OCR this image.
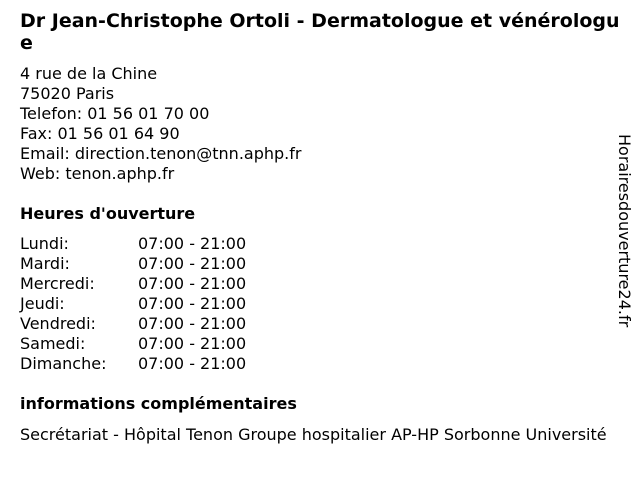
Dr Jean-Christophe Ortoli - Dermatologue et vénérologue
4 rue de la Chine
75020 Paris
Telefon: 01 56 01 70 00
Fax: 01 56 01 64 90
Email: direction.tenon@tnn.aphp.fr
Web: tenon.aphp.fr
Heures d'ouverture
Lundi:	07:00 - 21:00
Mardi:	07:00 - 21:00
Mercredi:	07:00 - 21:00
Jeudi:	07:00 - 21:00
Vendredi:	07:00 - 21:00
Samedi:	07:00 - 21:00
Dimanche:	07:00 - 21:00
informations complémentaires
Secrétariat - Hôpital Tenon Groupe hospitalier AP-HP Sorbonne Université
Horairesdouverture24.fr
